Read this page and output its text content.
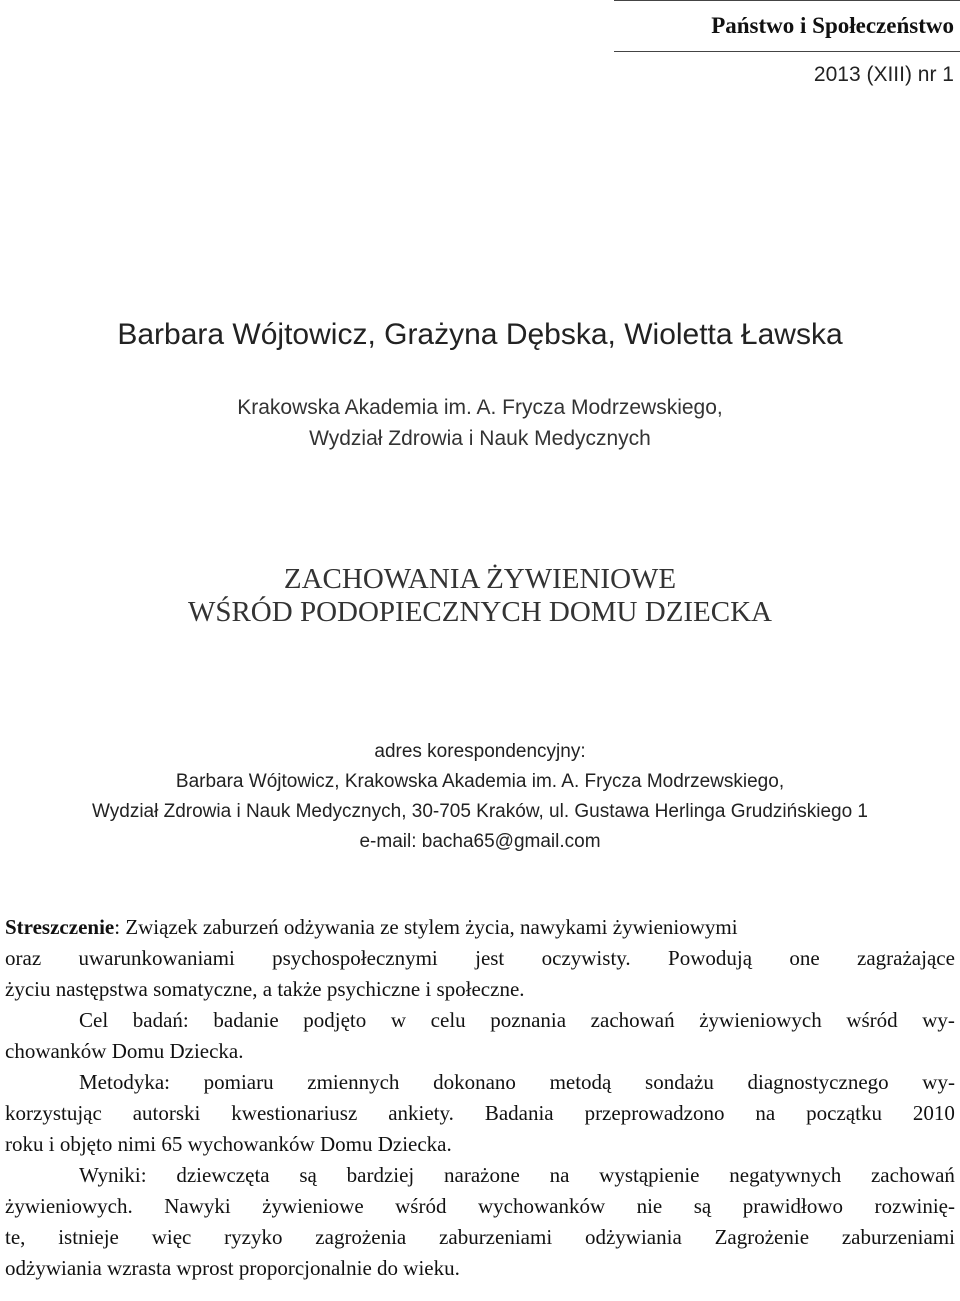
Państwo i Społeczeństwo
2013 (XIII) nr 1
Barbara Wójtowicz, Grażyna Dębska, Wioletta Ławska
Krakowska Akademia im. A. Frycza Modrzewskiego,
Wydział Zdrowia i Nauk Medycznych
ZACHOWANIA ŻYWIENIOWE
WŚRÓD PODOPIECZNYCH DOMU DZIECKA
adres korespondencyjny:
Barbara Wójtowicz, Krakowska Akademia im. A. Frycza Modrzewskiego,
Wydział Zdrowia i Nauk Medycznych, 30-705 Kraków, ul. Gustawa Herlinga Grudzińskiego 1
e-mail: bacha65@gmail.com
Streszczenie: Związek zaburzeń odżywania ze stylem życia, nawykami żywieniowymi
oraz uwarunkowaniami psychospołecznymi jest oczywisty. Powodują one zagrażające
życiu następstwa somatyczne, a także psychiczne i społeczne.
Cel badań: badanie podjęto w celu poznania zachowań żywieniowych wśród wy-
chowanków Domu Dziecka.
Metodyka: pomiaru zmiennych dokonano metodą sondażu diagnostycznego wy-
korzystując autorski kwestionariusz ankiety. Badania przeprowadzono na początku 2010
roku i objęto nimi 65 wychowanków Domu Dziecka.
Wyniki: dziewczęta są bardziej narażone na wystąpienie negatywnych zachowań
żywieniowych. Nawyki żywieniowe wśród wychowanków nie są prawidłowo rozwinię-
te, istnieje więc ryzyko zagrożenia zaburzeniami odżywiania Zagrożenie zaburzeniami
odżywiania wzrasta wprost proporcjonalnie do wieku.
